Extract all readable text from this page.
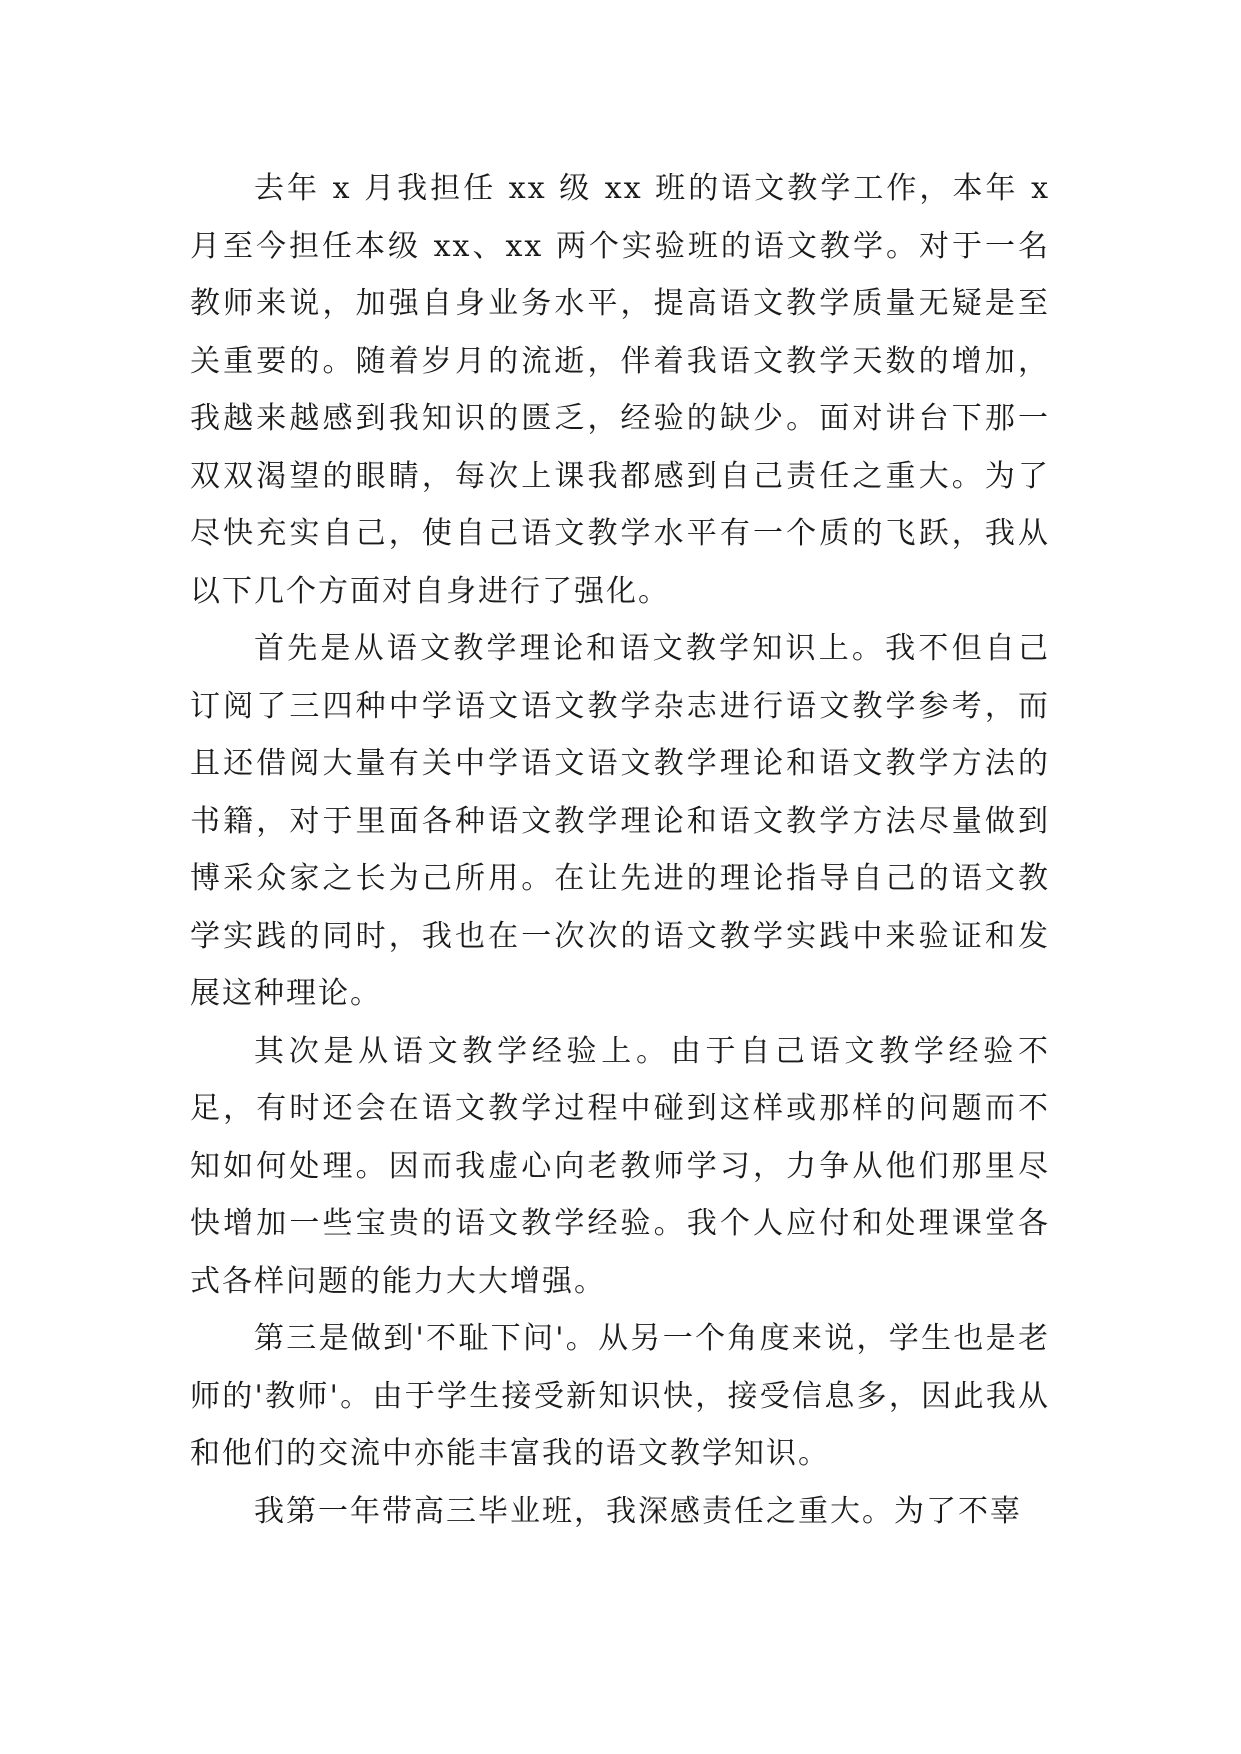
去年 x 月我担任 xx 级 xx 班的语文教学工作，本年 x 月至今担任本级 xx、xx 两个实验班的语文教学。对于一名教师来说，加强自身业务水平，提高语文教学质量无疑是至关重要的。随着岁月的流逝，伴着我语文教学天数的增加，我越来越感到我知识的匮乏，经验的缺少。面对讲台下那一双双渴望的眼睛，每次上课我都感到自己责任之重大。为了尽快充实自己，使自己语文教学水平有一个质的飞跃，我从以下几个方面对自身进行了强化。

首先是从语文教学理论和语文教学知识上。我不但自己订阅了三四种中学语文语文教学杂志进行语文教学参考，而且还借阅大量有关中学语文语文教学理论和语文教学方法的书籍，对于里面各种语文教学理论和语文教学方法尽量做到博采众家之长为己所用。在让先进的理论指导自己的语文教学实践的同时，我也在一次次的语文教学实践中来验证和发展这种理论。

其次是从语文教学经验上。由于自己语文教学经验不足，有时还会在语文教学过程中碰到这样或那样的问题而不知如何处理。因而我虚心向老教师学习，力争从他们那里尽快增加一些宝贵的语文教学经验。我个人应付和处理课堂各式各样问题的能力大大增强。

第三是做到'不耻下问'。从另一个角度来说，学生也是老师的'教师'。由于学生接受新知识快，接受信息多，因此我从和他们的交流中亦能丰富我的语文教学知识。

我第一年带高三毕业班，我深感责任之重大。为了不辜
